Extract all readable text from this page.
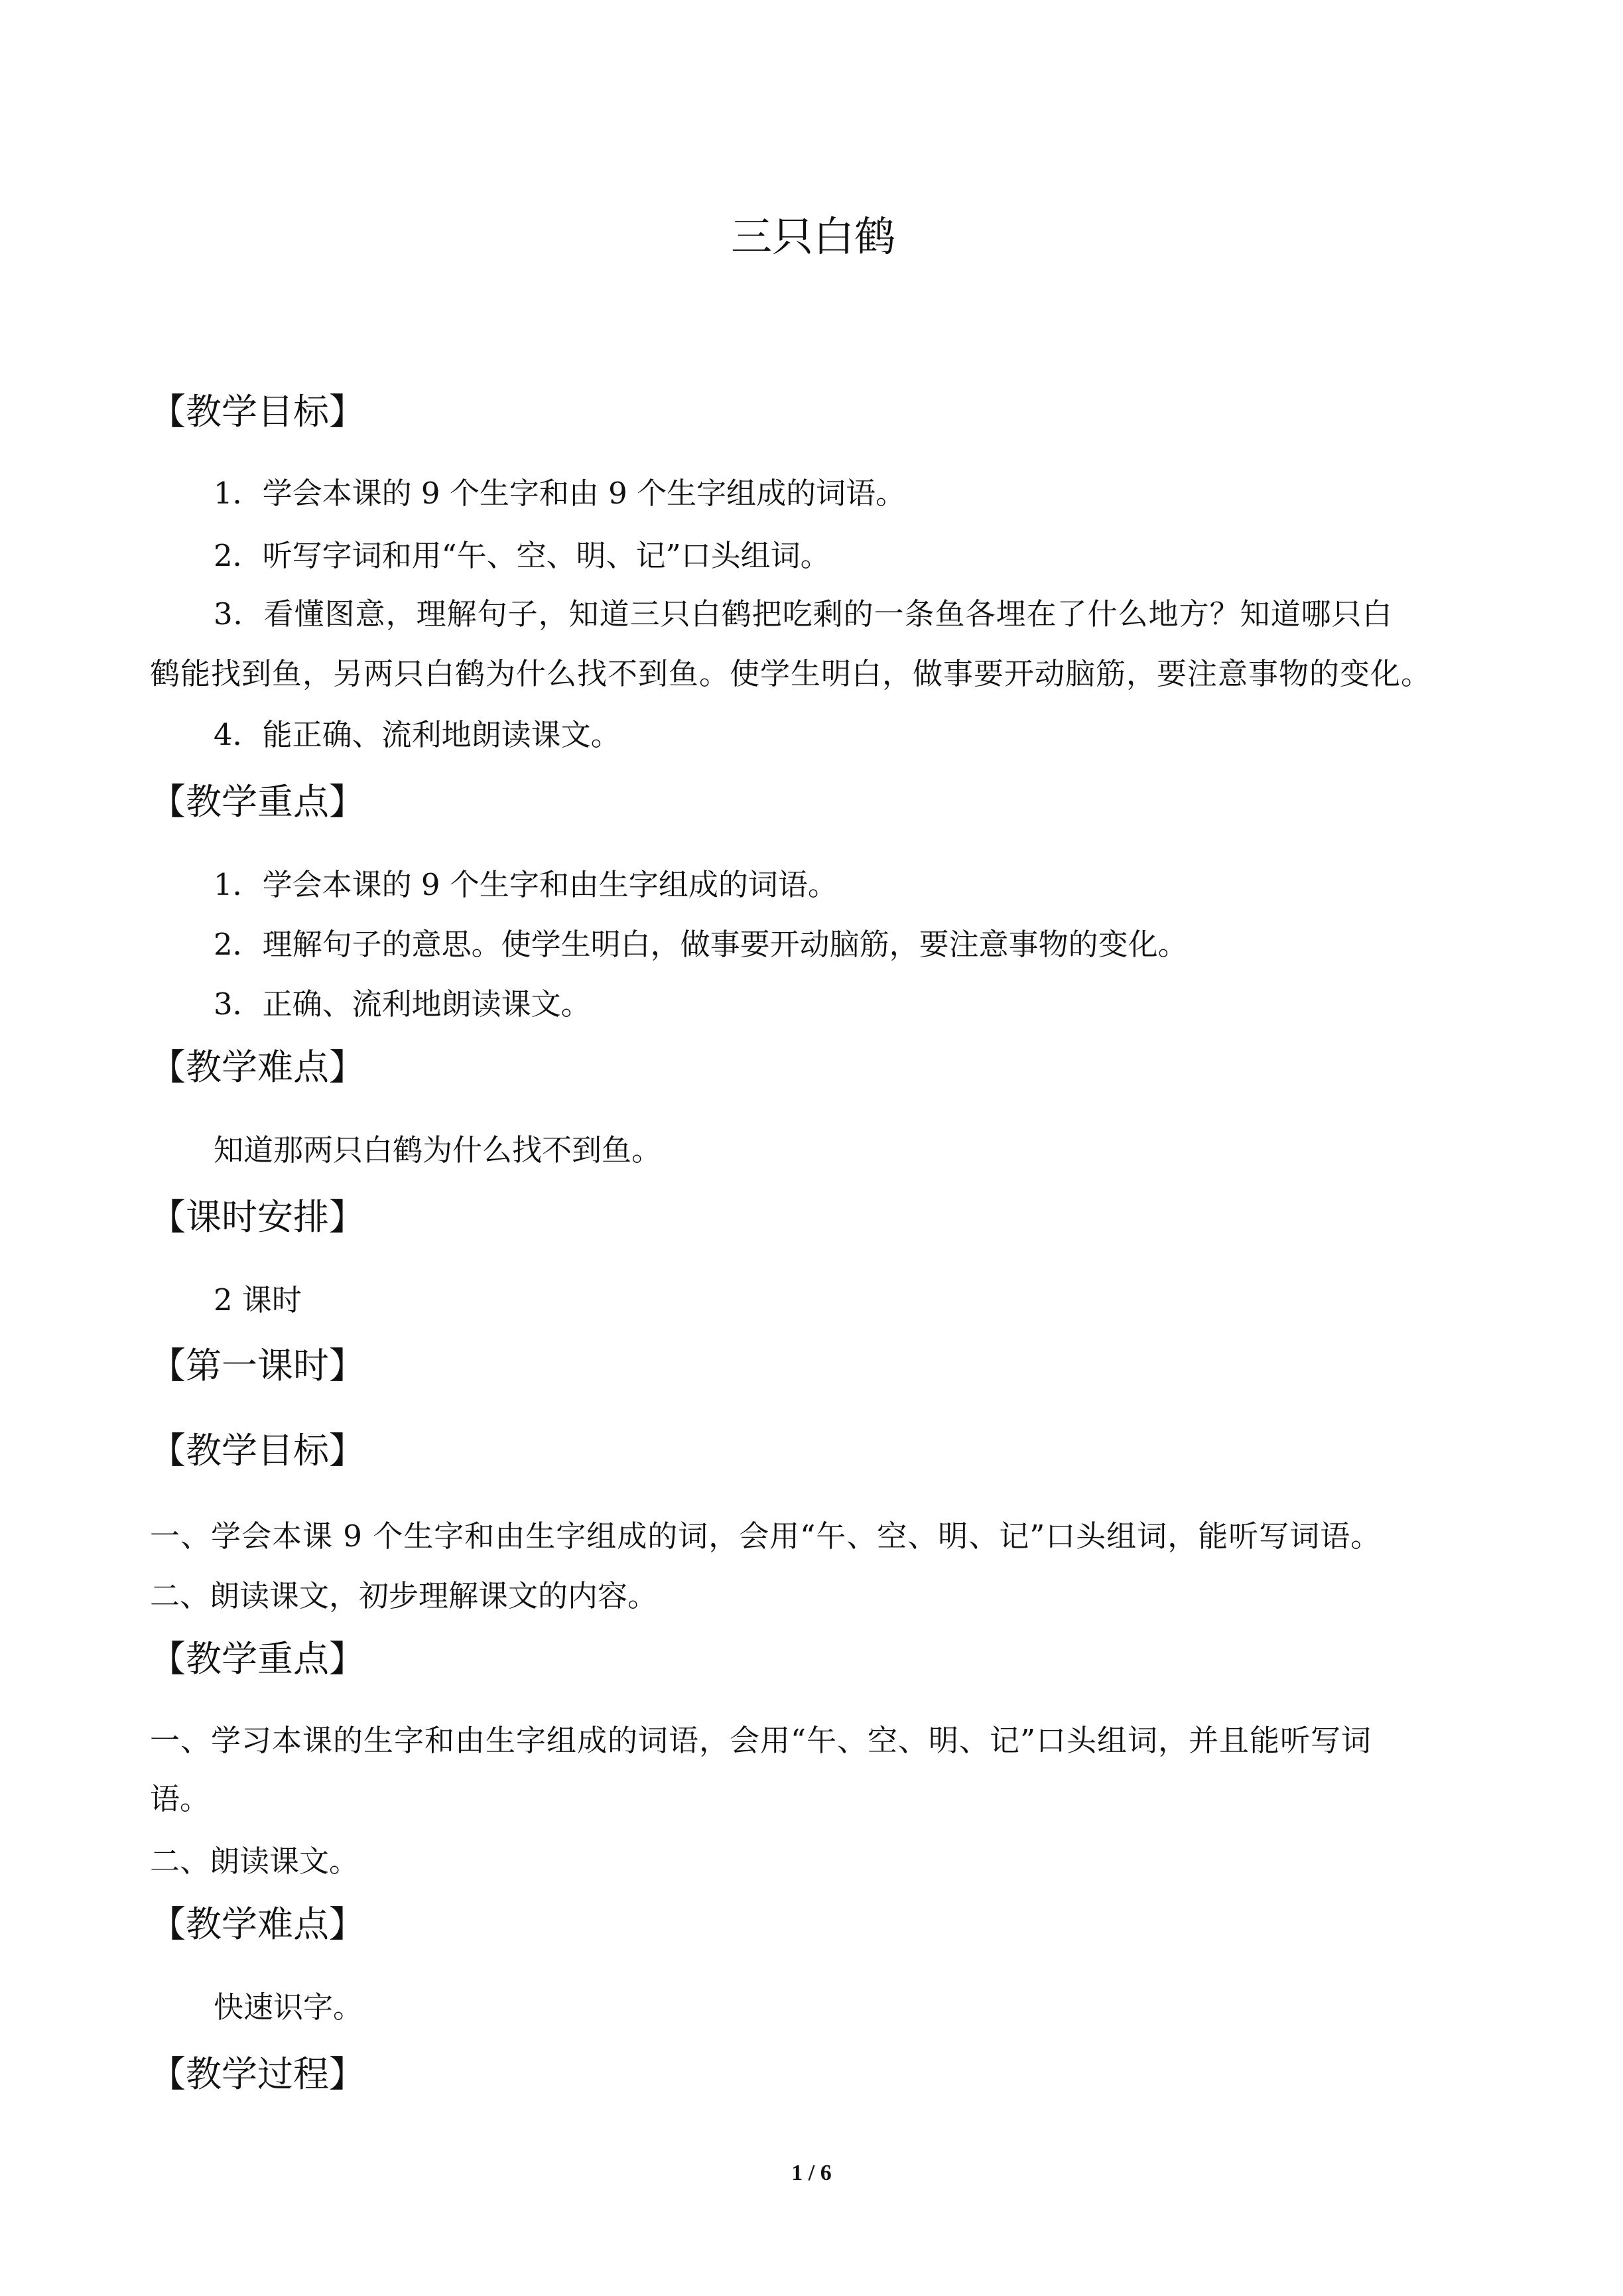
三只白鹤
【教学目标】
1．学会本课的 9 个生字和由 9 个生字组成的词语。
2．听写字词和用“午、空、明、记”口头组词。
3．看懂图意，理解句子，知道三只白鹤把吃剩的一条鱼各埋在了什么地方？知道哪只白
鹤能找到鱼，另两只白鹤为什么找不到鱼。使学生明白，做事要开动脑筋，要注意事物的变化。
4．能正确、流利地朗读课文。
【教学重点】
1．学会本课的 9 个生字和由生字组成的词语。
2．理解句子的意思。使学生明白，做事要开动脑筋，要注意事物的变化。
3．正确、流利地朗读课文。
【教学难点】
知道那两只白鹤为什么找不到鱼。
【课时安排】
2 课时
【第一课时】
【教学目标】
一、学会本课 9 个生字和由生字组成的词，会用“午、空、明、记”口头组词，能听写词语。
二、朗读课文，初步理解课文的内容。
【教学重点】
一、学习本课的生字和由生字组成的词语，会用“午、空、明、记”口头组词，并且能听写词
语。
二、朗读课文。
【教学难点】
快速识字。
【教学过程】
1 / 6
